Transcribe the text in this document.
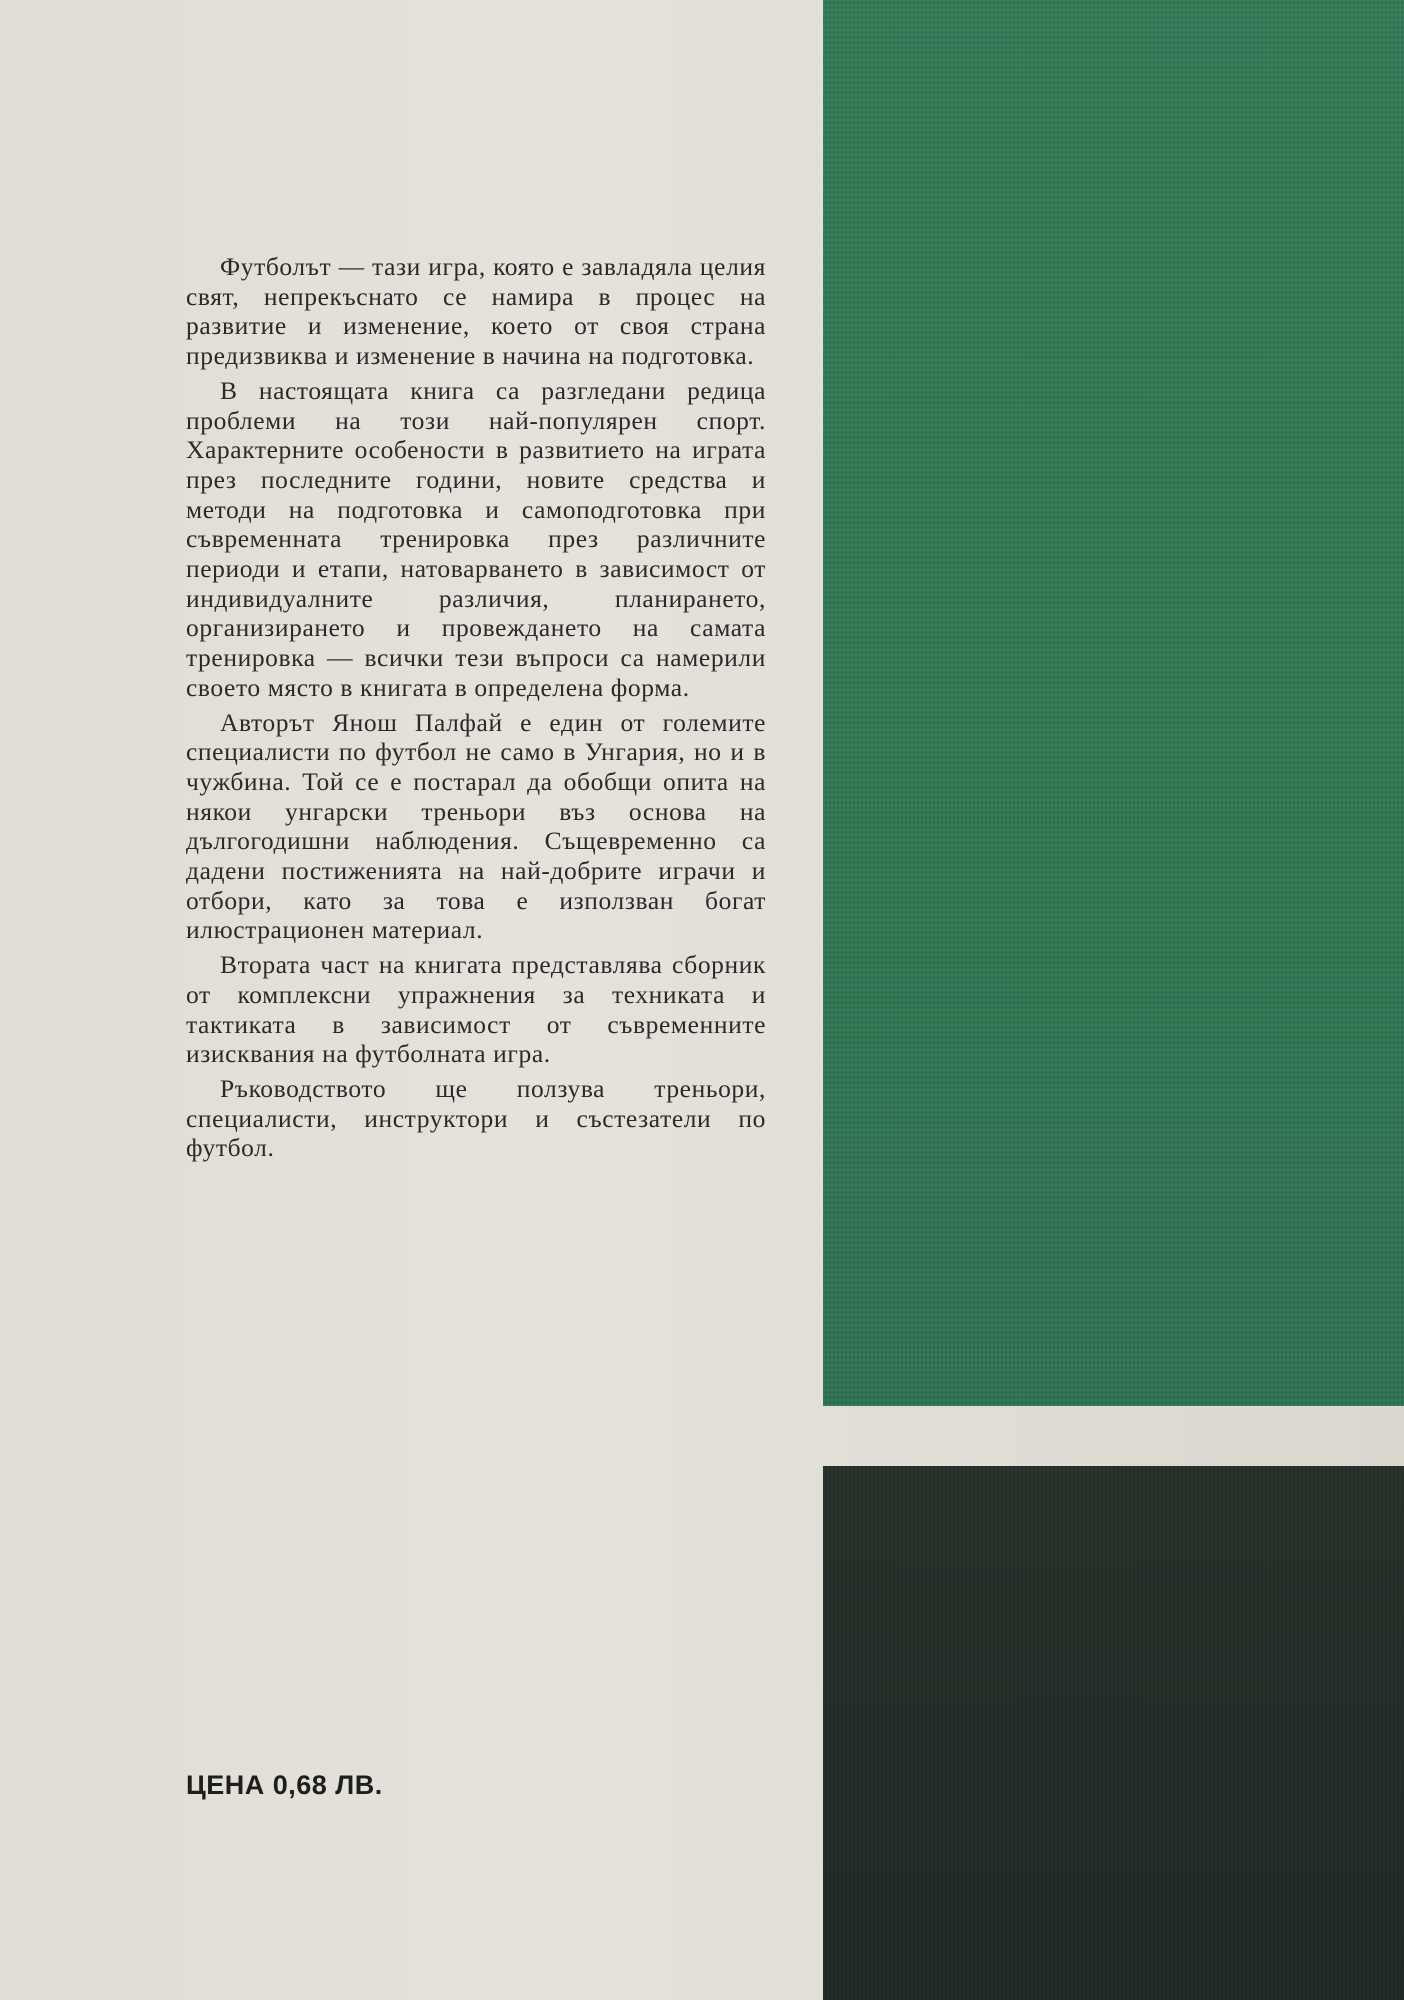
Футболът — тази игра, която е завладяла целия свят, непрекъснато се намира в процес на развитие и изменение, което от своя страна предизвиква и изменение в начина на подготовка.

В настоящата книга са разгледани редица проблеми на този най-популярен спорт. Характерните особености в развитието на играта през последните години, новите средства и методи на подготовка и самоподготовка при съвременната тренировка през различните периоди и етапи, натоварването в зависимост от индивидуалните различия, планирането, организирането и провеждането на самата тренировка — всички тези въпроси са намерили своето място в книгата в определена форма.

Авторът Янош Палфай е един от големите специалисти по футбол не само в Унгария, но и в чужбина. Той се е постарал да обобщи опита на някои унгарски треньори въз основа на дългогодишни наблюдения. Същевременно са дадени постиженията на най-добрите играчи и отбори, като за това е използван богат илюстрационен материал.

Втората част на книгата представлява сборник от комплексни упражнения за техниката и тактиката в зависимост от съвременните изисквания на футболната игра.

Ръководството ще ползува треньори, специалисти, инструктори и състезатели по футбол.

ЦЕНА 0,68 ЛВ.
